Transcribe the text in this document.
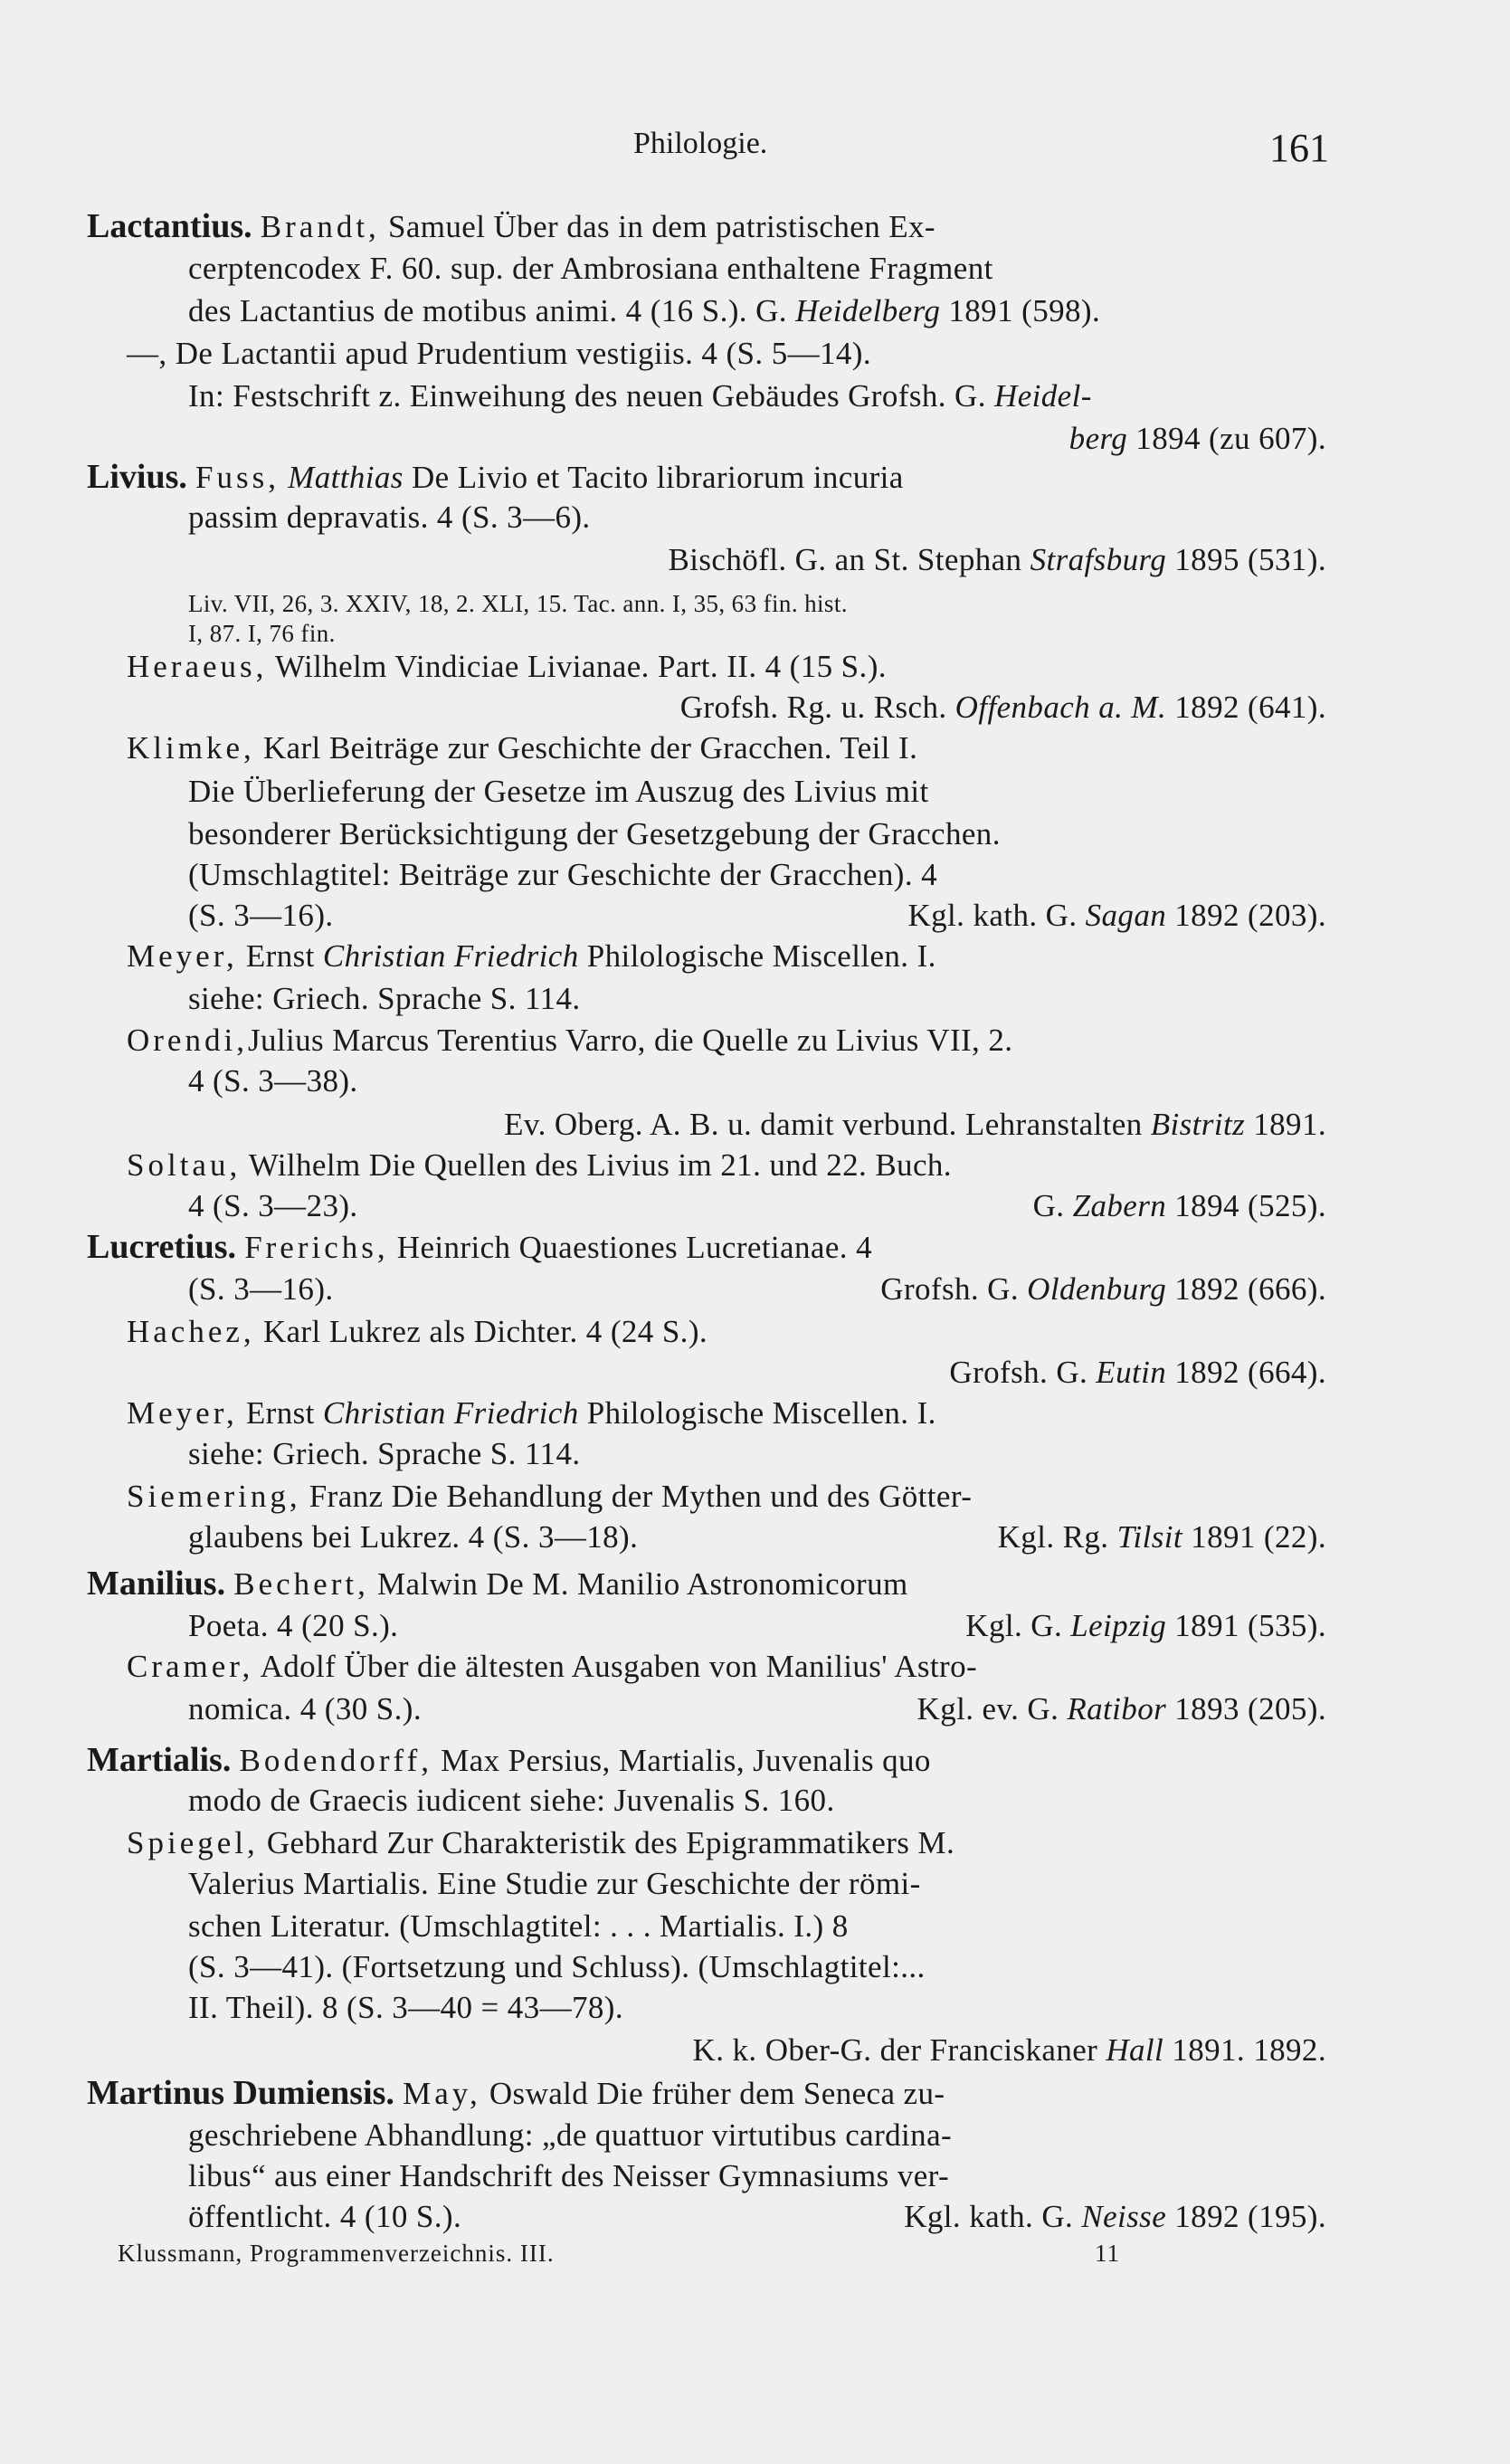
Philologie.	161
Lactantius. Brandt, Samuel Über das in dem patristischen Ex-
cerptencodex F. 60. sup. der Ambrosiana enthaltene Fragment
des Lactantius de motibus animi. 4 (16 S.). G. Heidelberg 1891 (598).
—, De Lactantii apud Prudentium vestigiis. 4 (S. 5—14).
In: Festschrift z. Einweihung des neuen Gebäudes Grofsh. G. Heidel-
berg 1894 (zu 607).
Livius. Fuss, Matthias De Livio et Tacito librariorum incuria
passim depravatis. 4 (S. 3—6).
Bischöfl. G. an St. Stephan Strafsburg 1895 (531).
Liv. VII, 26, 3. XXIV, 18, 2. XLI, 15. Tac. ann. I, 35, 63 fin. hist.
I, 87. I, 76 fin.
Heraeus, Wilhelm Vindiciae Livianae. Part. II. 4 (15 S.).
Grofsh. Rg. u. Rsch. Offenbach a. M. 1892 (641).
Klimke, Karl Beiträge zur Geschichte der Gracchen. Teil I.
Die Überlieferung der Gesetze im Auszug des Livius mit
besonderer Berücksichtigung der Gesetzgebung der Gracchen.
(Umschlagtitel: Beiträge zur Geschichte der Gracchen). 4
(S. 3—16).	Kgl. kath. G. Sagan 1892 (203).
Meyer, Ernst Christian Friedrich Philologische Miscellen. I.
siehe: Griech. Sprache S. 114.
Orendi,Julius Marcus Terentius Varro, die Quelle zu Livius VII, 2.
4 (S. 3—38).
Ev. Oberg. A. B. u. damit verbund. Lehranstalten Bistritz 1891.
Soltau, Wilhelm Die Quellen des Livius im 21. und 22. Buch.
4 (S. 3—23).	G. Zabern 1894 (525).
Lucretius. Frerichs, Heinrich Quaestiones Lucretianae. 4
(S. 3—16).	Grofsh. G. Oldenburg 1892 (666).
Hachez, Karl Lukrez als Dichter. 4 (24 S.).
Grofsh. G. Eutin 1892 (664).
Meyer, Ernst Christian Friedrich Philologische Miscellen. I.
siehe: Griech. Sprache S. 114.
Siemering, Franz Die Behandlung der Mythen und des Götter-
glaubens bei Lukrez. 4 (S. 3—18).	Kgl. Rg. Tilsit 1891 (22).
Manilius. Bechert, Malwin De M. Manilio Astronomicorum
Poeta. 4 (20 S.).	Kgl. G. Leipzig 1891 (535).
Cramer, Adolf Über die ältesten Ausgaben von Manilius' Astro-
nomica. 4 (30 S.).	Kgl. ev. G. Ratibor 1893 (205).
Martialis. Bodendorff, Max Persius, Martialis, Juvenalis quo
modo de Graecis iudicent siehe: Juvenalis S. 160.
Spiegel, Gebhard Zur Charakteristik des Epigrammatikers M.
Valerius Martialis. Eine Studie zur Geschichte der römi-
schen Literatur. (Umschlagtitel: . . . Martialis. I.) 8
(S. 3—41). (Fortsetzung und Schluss). (Umschlagtitel:...
II. Theil). 8 (S. 3—40 = 43—78).
K. k. Ober-G. der Franciskaner Hall 1891. 1892.
Martinus Dumiensis. May, Oswald Die früher dem Seneca zu-
geschriebene Abhandlung: „de quattuor virtutibus cardina-
libus“ aus einer Handschrift des Neisser Gymnasiums ver-
öffentlicht. 4 (10 S.).	Kgl. kath. G. Neisse 1892 (195).
Klussmann, Programmenverzeichnis. III.	11
